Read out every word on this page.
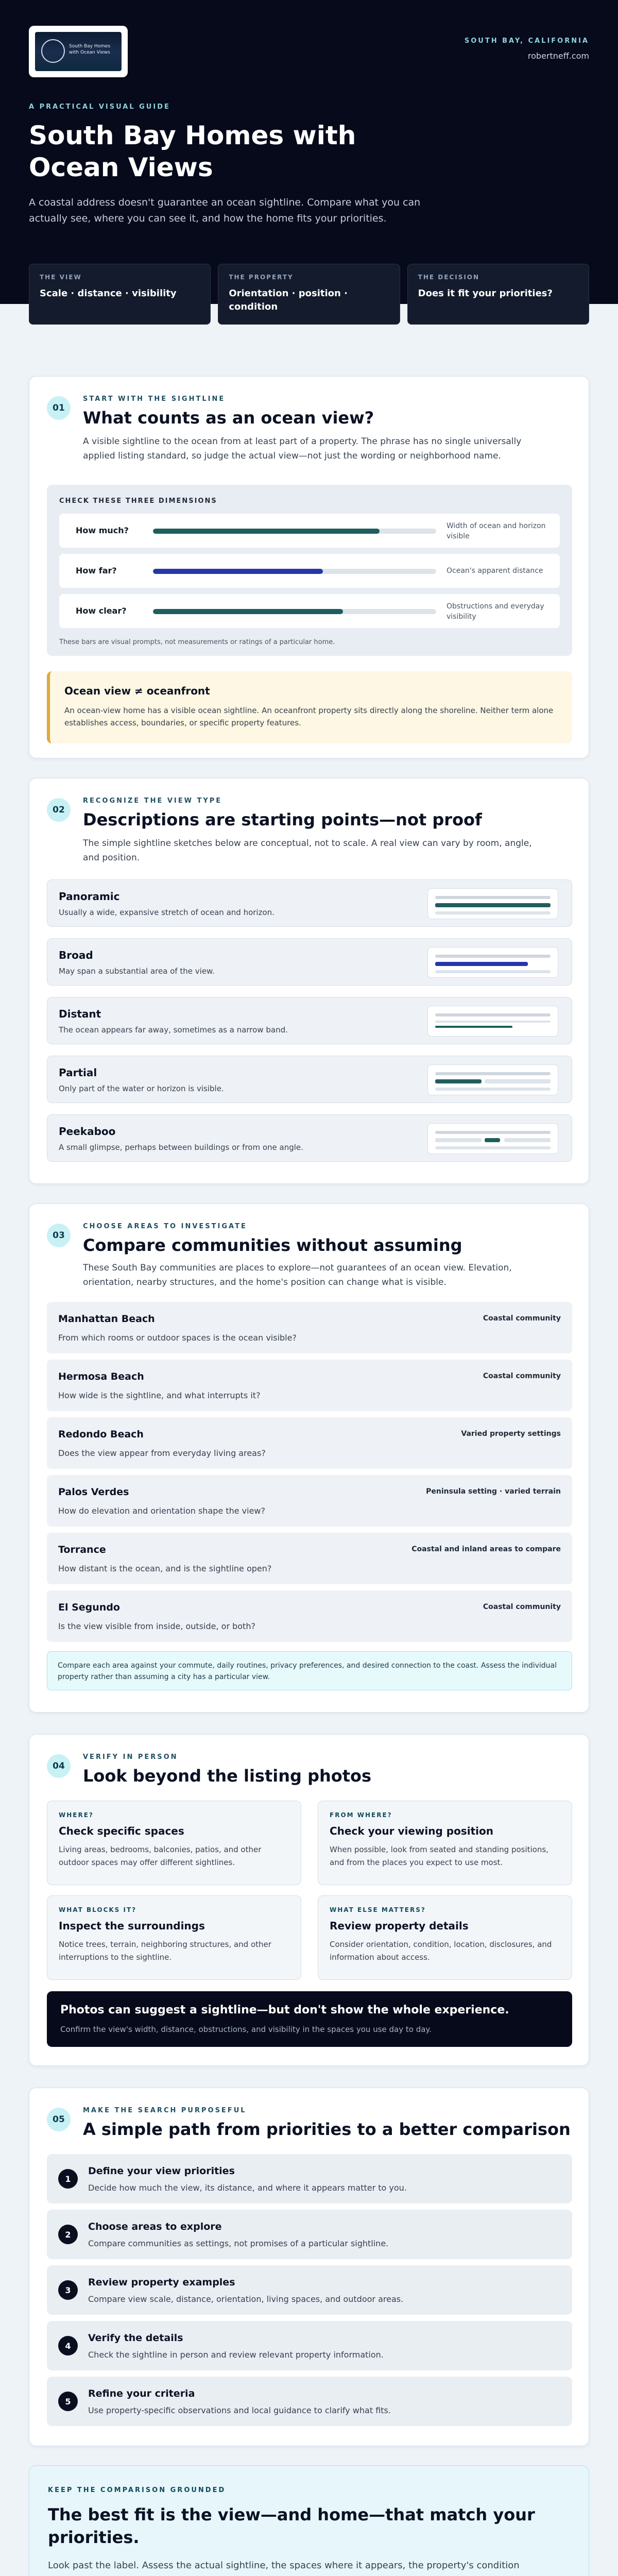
South Bay Homes with Ocean Views
SOUTH BAY, CALIFORNIA
robertneff.com
A PRACTICAL VISUAL GUIDE
South Bay Homes with Ocean Views

A coastal address doesn't guarantee an ocean sightline. Compare what you can actually see, where you can see it, and how the home fits your priorities.

THE VIEW
Scale · distance · visibility
THE PROPERTY
Orientation · position · condition
THE DECISION
Does it fit your priorities?
01
START WITH THE SIGHTLINE
What counts as an ocean view?

A visible sightline to the ocean from at least part of a property. The phrase has no single universally applied listing standard, so judge the actual view—not just the wording or neighborhood name.

CHECK THESE THREE DIMENSIONS
How much?	Width of ocean and horizon visible
How far?	Ocean's apparent distance
How clear?	Obstructions and everyday visibility
These bars are visual prompts, not measurements or ratings of a particular home.
Ocean view ≠ oceanfront
An ocean-view home has a visible ocean sightline. An oceanfront property sits directly along the shoreline. Neither term alone establishes access, boundaries, or specific property features.
02
RECOGNIZE THE VIEW TYPE
Descriptions are starting points—not proof

The simple sightline sketches below are conceptual, not to scale. A real view can vary by room, angle, and position.

Panoramic
Usually a wide, expansive stretch of ocean and horizon.
Broad
May span a substantial area of the view.
Distant
The ocean appears far away, sometimes as a narrow band.
Partial
Only part of the water or horizon is visible.
Peekaboo
A small glimpse, perhaps between buildings or from one angle.
03
CHOOSE AREAS TO INVESTIGATE
Compare communities without assuming

These South Bay communities are places to explore—not guarantees of an ocean view. Elevation, orientation, nearby structures, and the home's position can change what is visible.

Manhattan Beach	Coastal community
From which rooms or outdoor spaces is the ocean visible?
Hermosa Beach	Coastal community
How wide is the sightline, and what interrupts it?
Redondo Beach	Varied property settings
Does the view appear from everyday living areas?
Palos Verdes	Peninsula setting · varied terrain
How do elevation and orientation shape the view?
Torrance	Coastal and inland areas to compare
How distant is the ocean, and is the sightline open?
El Segundo	Coastal community
Is the view visible from inside, outside, or both?
Compare each area against your commute, daily routines, privacy preferences, and desired connection to the coast. Assess the individual property rather than assuming a city has a particular view.
04
VERIFY IN PERSON
Look beyond the listing photos
WHERE?
Check specific spaces
Living areas, bedrooms, balconies, patios, and other outdoor spaces may offer different sightlines.
FROM WHERE?
Check your viewing position
When possible, look from seated and standing positions, and from the places you expect to use most.
WHAT BLOCKS IT?
Inspect the surroundings
Notice trees, terrain, neighboring structures, and other interruptions to the sightline.
WHAT ELSE MATTERS?
Review property details
Consider orientation, condition, location, disclosures, and information about access.
Photos can suggest a sightline—but don't show the whole experience.
Confirm the view's width, distance, obstructions, and visibility in the spaces you use day to day.
05
MAKE THE SEARCH PURPOSEFUL
A simple path from priorities to a better comparison
1
Define your view priorities
Decide how much the view, its distance, and where it appears matter to you.
2
Choose areas to explore
Compare communities as settings, not promises of a particular sightline.
3
Review property examples
Compare view scale, distance, orientation, living spaces, and outdoor areas.
4
Verify the details
Check the sightline in person and review relevant property information.
5
Refine your criteria
Use property-specific observations and local guidance to clarify what fits.
KEEP THE COMPARISON GROUNDED
The best fit is the view—and home—that match your priorities.

Look past the label. Assess the actual sightline, the spaces where it appears, the property's condition
